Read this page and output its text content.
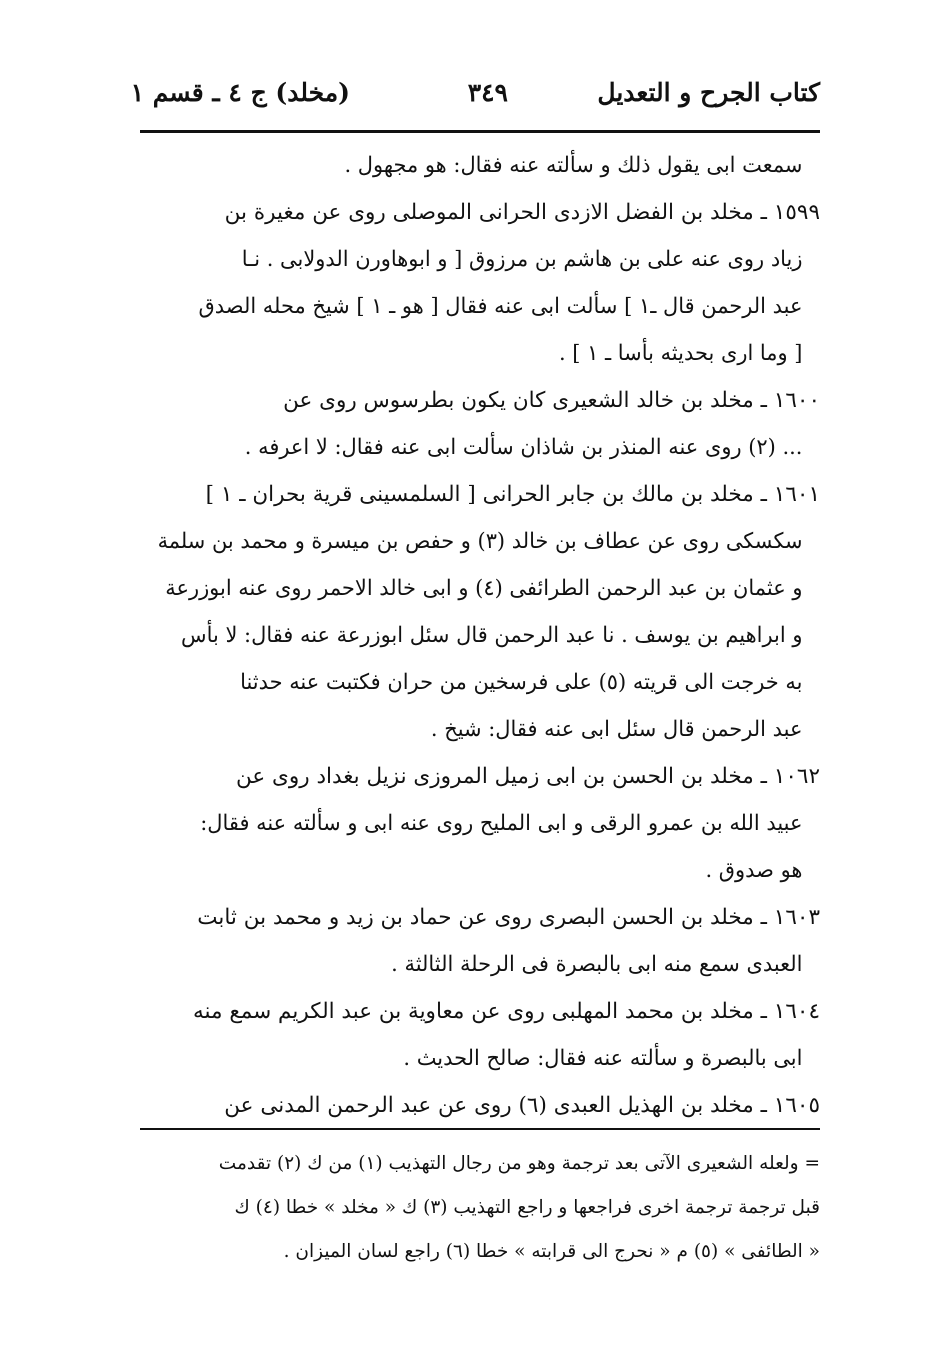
كتاب الجرح و التعديل
٣٤٩
(مخلد) ج ٤ ـ قسم ١
سمعت ابى يقول ذلك و سألته عنه فقال: هو مجهول .
١٥٩٩ ـ مخلد بن الفضل الازدى الحرانى الموصلى روى عن مغيرة بن
زياد روى عنه على بن هاشم بن مرزوق [ و ابوهاورن الدولابى . نـا
عبد الرحمن قال ـ١ ] سألت ابى عنه فقال [ هو ـ ١ ] شيخ محله الصدق
[ وما ارى بحديثه بأسا ـ ١ ] .
١٦٠٠ ـ مخلد بن خالد الشعيرى كان يكون بطرسوس روى عن
... (٢) روى عنه المنذر بن شاذان سألت ابى عنه فقال: لا اعرفه .
١٦٠١ ـ مخلد بن مالك بن جابر الحرانى [ السلمسينى قرية بحران ـ ١ ]
سكسكى روى عن عطاف بن خالد (٣) و حفص بن ميسرة و محمد بن سلمة
و عثمان بن عبد الرحمن الطرائفى (٤) و ابى خالد الاحمر روى عنه ابوزرعة
و ابراهيم بن يوسف . نا عبد الرحمن قال سئل ابوزرعة عنه فقال: لا بأس
به خرجت الى قريته (٥) على فرسخين من حران فكتبت عنه حدثنا
عبد الرحمن قال سئل ابى عنه فقال: شيخ .
١٠٦٢ ـ مخلد بن الحسن بن ابى زميل المروزى نزيل بغداد روى عن
عبيد الله بن عمرو الرقى و ابى المليح روى عنه ابى و سألته عنه فقال:
هو صدوق .
١٦٠٣ ـ مخلد بن الحسن البصرى روى عن حماد بن زيد و محمد بن ثابت
العبدى سمع منه ابى بالبصرة فى الرحلة الثالثة .
١٦٠٤ ـ مخلد بن محمد المهلبى روى عن معاوية بن عبد الكريم سمع منه
ابى بالبصرة و سألته عنه فقال: صالح الحديث .
١٦٠٥ ـ مخلد بن الهذيل العبدى (٦) روى عن عبد الرحمن المدنى عن
= ولعله الشعيرى الآتى بعد ترجمة وهو من رجال التهذيب (١) من ك (٢) تقدمت
قبل ترجمة ترجمة اخرى فراجعها و راجع التهذيب (٣) ك « مخلد » خطا (٤) ك
« الطائفى » (٥) م « نحرج الى قرابته » خطا (٦) راجع لسان الميزان .
